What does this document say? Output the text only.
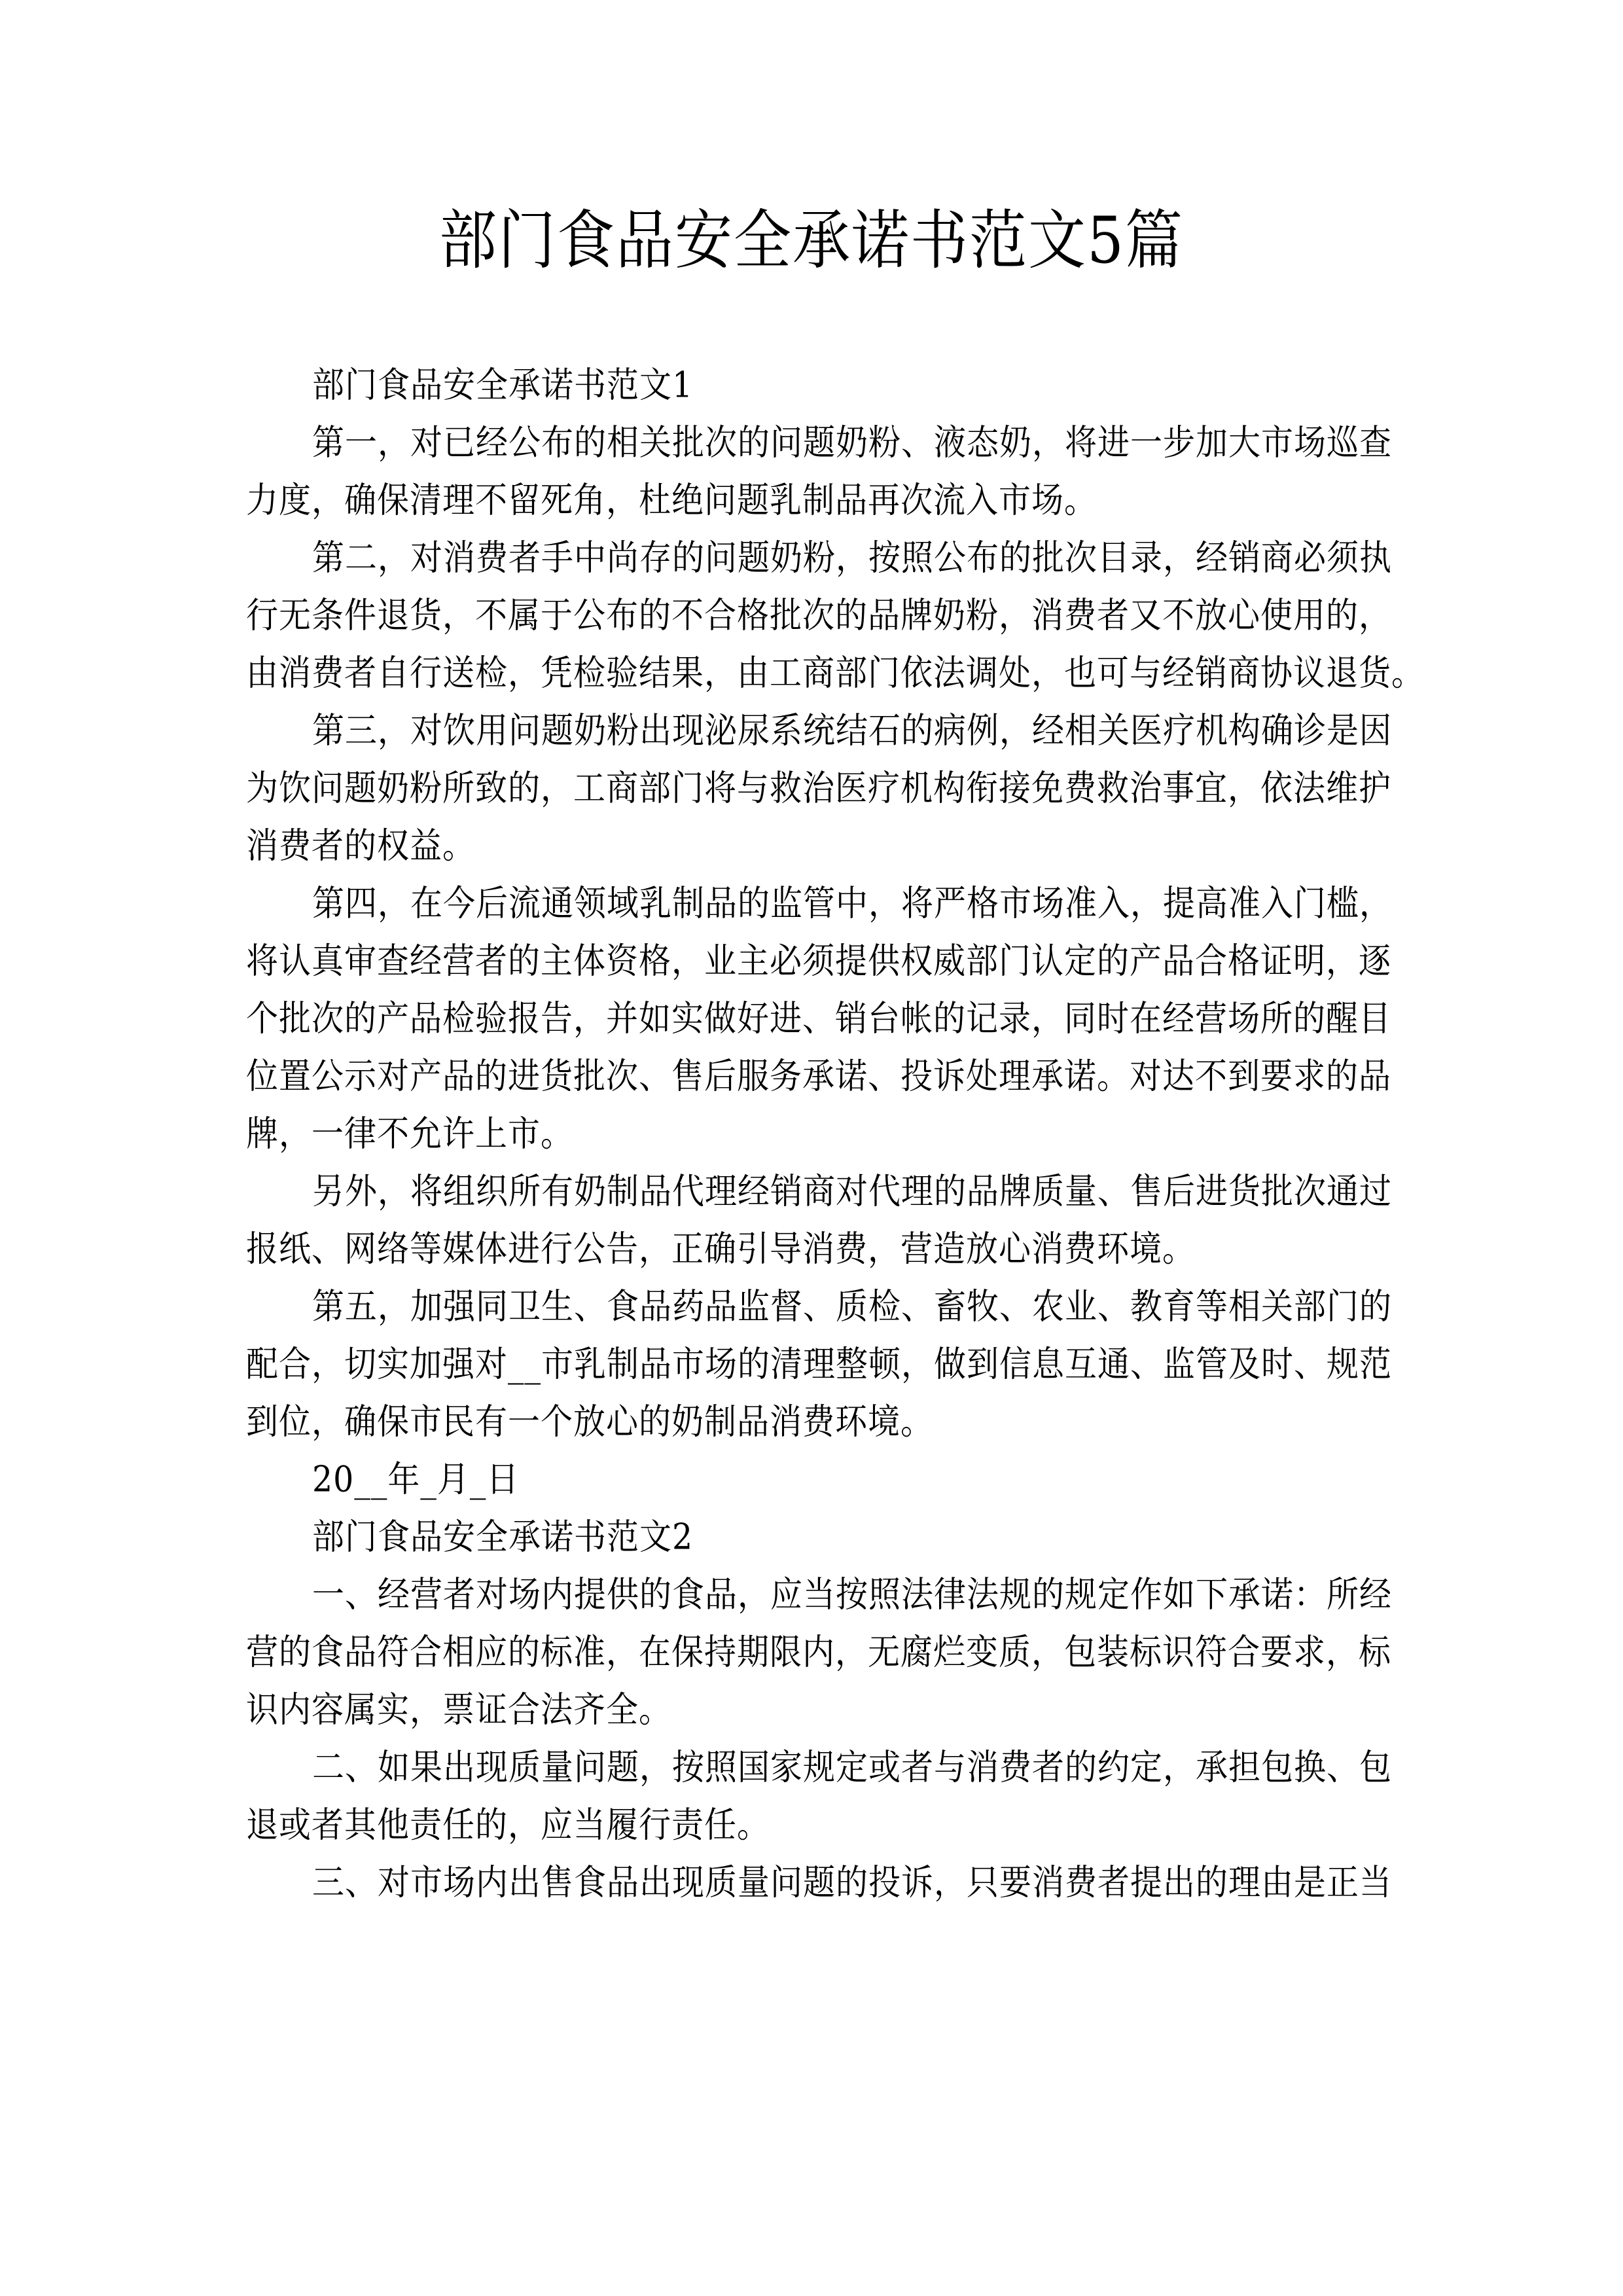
部门食品安全承诺书范文5篇
部门食品安全承诺书范文1
第一，对已经公布的相关批次的问题奶粉、液态奶，将进一步加大市场巡查
力度，确保清理不留死角，杜绝问题乳制品再次流入市场。
第二，对消费者手中尚存的问题奶粉，按照公布的批次目录，经销商必须执
行无条件退货，不属于公布的不合格批次的品牌奶粉，消费者又不放心使用的，
由消费者自行送检，凭检验结果，由工商部门依法调处，也可与经销商协议退货。
第三，对饮用问题奶粉出现泌尿系统结石的病例，经相关医疗机构确诊是因
为饮问题奶粉所致的，工商部门将与救治医疗机构衔接免费救治事宜，依法维护
消费者的权益。
第四，在今后流通领域乳制品的监管中，将严格市场准入，提高准入门槛，
将认真审查经营者的主体资格，业主必须提供权威部门认定的产品合格证明，逐
个批次的产品检验报告，并如实做好进、销台帐的记录，同时在经营场所的醒目
位置公示对产品的进货批次、售后服务承诺、投诉处理承诺。对达不到要求的品
牌，一律不允许上市。
另外，将组织所有奶制品代理经销商对代理的品牌质量、售后进货批次通过
报纸、网络等媒体进行公告，正确引导消费，营造放心消费环境。
第五，加强同卫生、食品药品监督、质检、畜牧、农业、教育等相关部门的
配合，切实加强对__市乳制品市场的清理整顿，做到信息互通、监管及时、规范
到位，确保市民有一个放心的奶制品消费环境。
20__年_月_日
部门食品安全承诺书范文2
一、经营者对场内提供的食品，应当按照法律法规的规定作如下承诺：所经
营的食品符合相应的标准，在保持期限内，无腐烂变质，包装标识符合要求，标
识内容属实，票证合法齐全。
二、如果出现质量问题，按照国家规定或者与消费者的约定，承担包换、包
退或者其他责任的，应当履行责任。
三、对市场内出售食品出现质量问题的投诉，只要消费者提出的理由是正当
